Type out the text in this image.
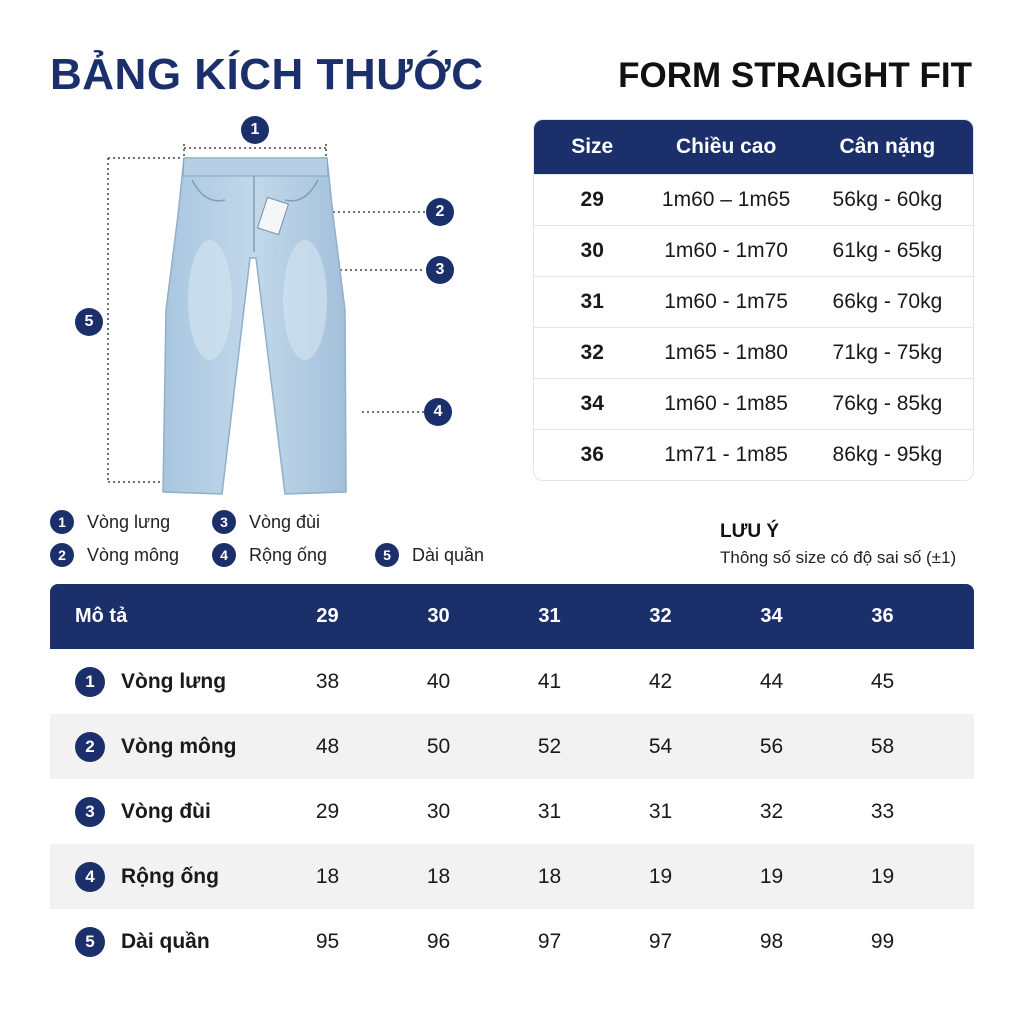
BẢNG KÍCH THƯỚC	FORM STRAIGHT FIT
1
2
3
4
5
Size	Chiều cao	Cân nặng
29	1m60 – 1m65	56kg - 60kg
30	1m60 - 1m70	61kg - 65kg
31	1m60 - 1m75	66kg - 70kg
32	1m65 - 1m80	71kg - 75kg
34	1m60 - 1m85	76kg - 85kg
36	1m71 - 1m85	86kg - 95kg
1	Vòng lưng	3	Vòng đùi
2	Vòng mông	4	Rộng ống	5	Dài quần
LƯU Ý
Thông số size có độ sai số (±1)
Mô tả	29	30	31	32	34	36
1	Vòng lưng	38	40	41	42	44	45
2	Vòng mông	48	50	52	54	56	58
3	Vòng đùi	29	30	31	31	32	33
4	Rộng ống	18	18	18	19	19	19
5	Dài quần	95	96	97	97	98	99
